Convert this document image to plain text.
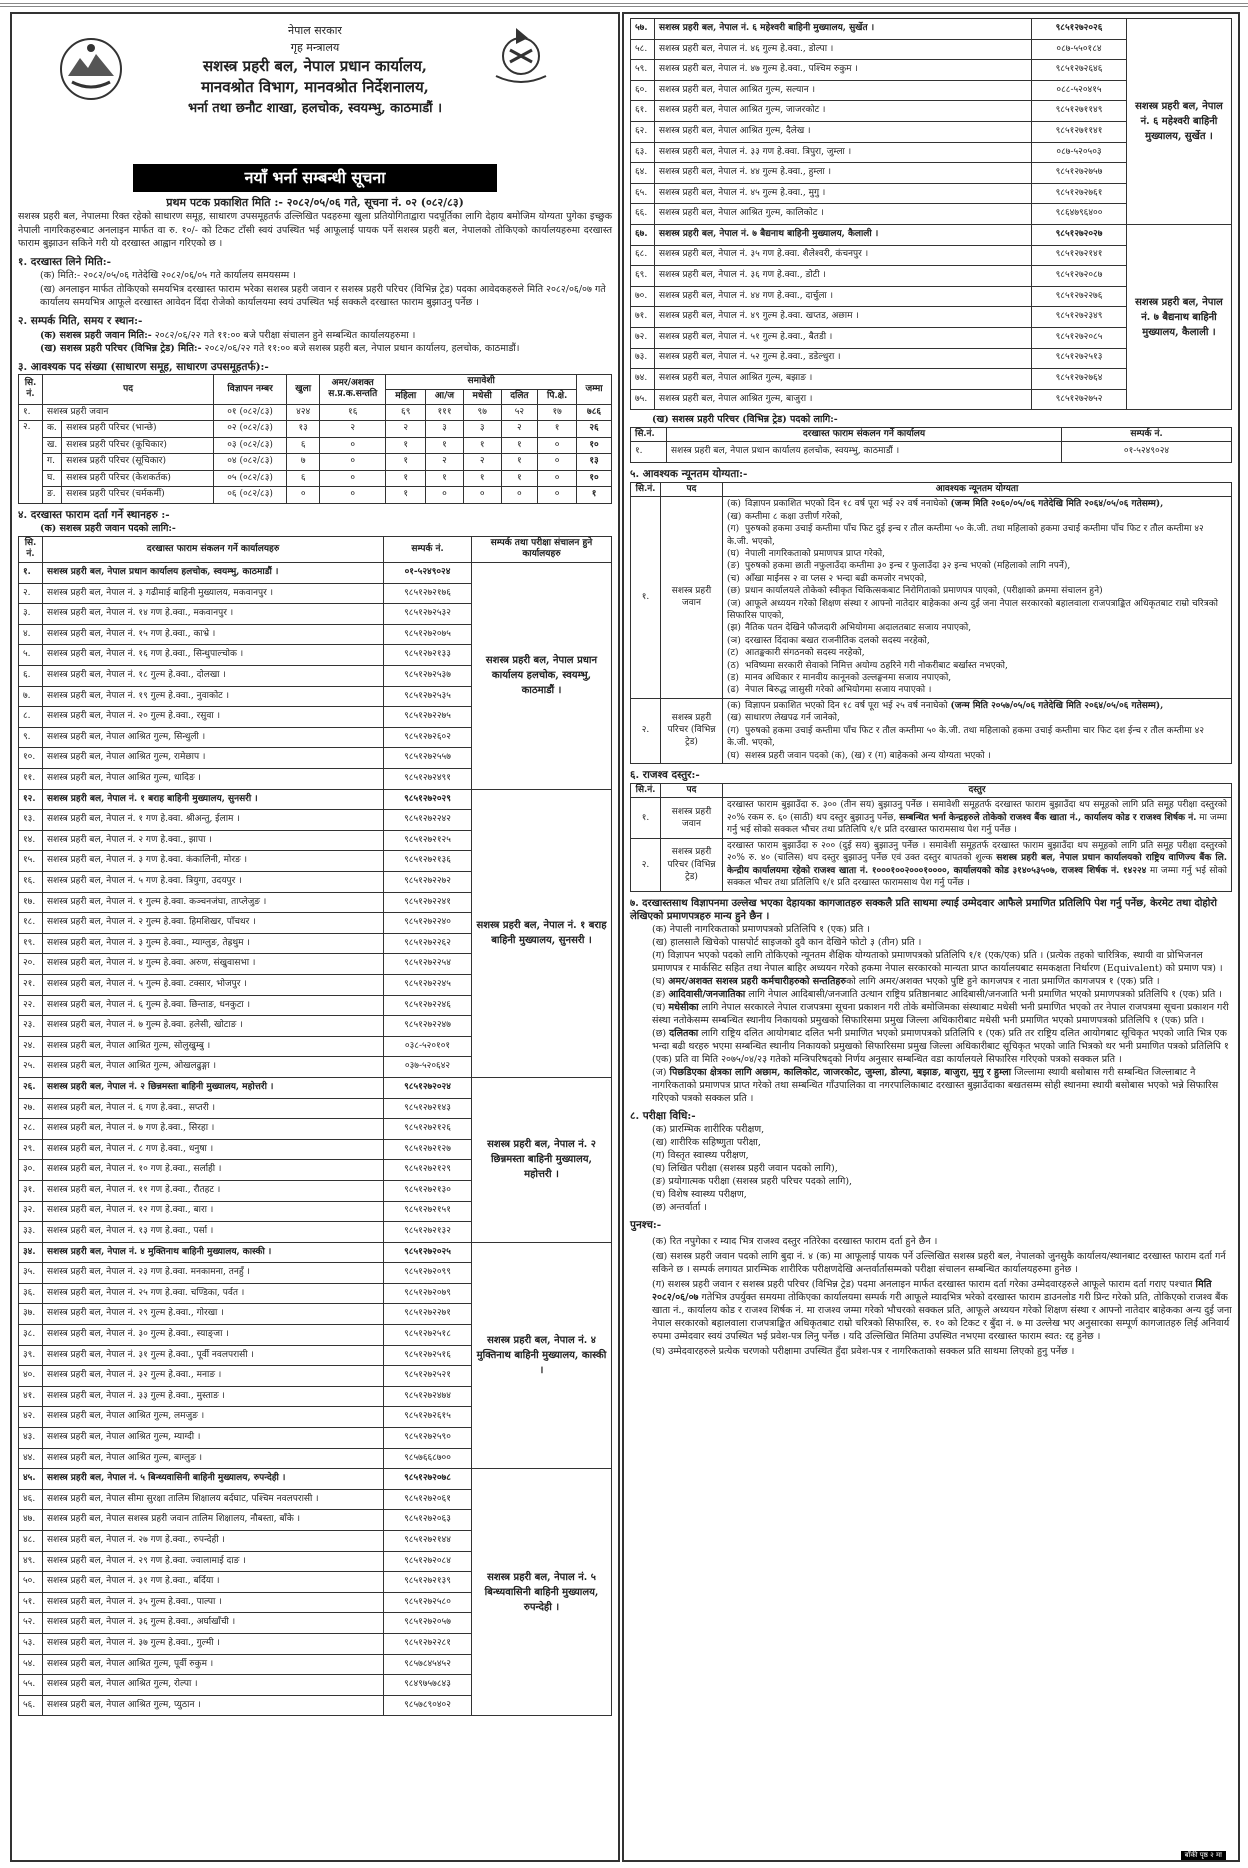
नेपाल सरकार
गृह मन्त्रालय
सशस्त्र प्रहरी बल, नेपाल प्रधान कार्यालय,
मानवश्रोत विभाग, मानवश्रोत निर्देशनालय,
भर्ना तथा छनौट शाखा, हलचोक, स्वयम्भु, काठमाडौं ।
नयाँ भर्ना सम्बन्धी सूचना
प्रथम पटक प्रकाशित मिति :- २०८२/०५/०६ गते, सूचना नं. ०२ (०८२/८३)
सशस्त्र प्रहरी बल, नेपालमा रिक्त रहेको साधारण समूह, साधारण उपसमूहतर्फ उल्लिखित पदहरुमा खुला प्रतियोगिताद्वारा पदपूर्तिका लागि देहाय बमोजिम योग्यता पुगेका इच्छुक नेपाली नागरिकहरुबाट अनलाइन मार्फत वा रु. १०/- को टिकट टाँसी स्वयं उपस्थित भई आफूलाई पायक पर्ने सशस्त्र प्रहरी बल, नेपालको तोकिएको कार्यालयहरुमा दरखास्त फाराम बुझाउन सकिने गरी यो दरखास्त आह्वान गरिएको छ ।
१. दरखास्त लिने मिति:-
(क) मिति:- २०८२/०५/०६ गतेदेखि २०८२/०६/०५ गते कार्यालय समयसम्म ।
(ख) अनलाइन मार्फत तोकिएको समयभित्र दरखास्त फाराम भरेका सशस्त्र प्रहरी जवान र सशस्त्र प्रहरी परिचर (विभिन्न ट्रेड) पदका आवेदकहरुले मिति २०८२/०६/०७ गते कार्यालय समयभित्र आफूले दरखास्त आवेदन दिंदा रोजेको कार्यालयमा स्वयं उपस्थित भई सक्कलै दरखास्त फाराम बुझाउनु पर्नेछ ।
२. सम्पर्क मिति, समय र स्थान:-
(क) सशस्त्र प्रहरी जवान मिति:- २०८२/०६/२२ गते ११:०० बजे परीक्षा संचालन हुने सम्बन्धित कार्यालयहरुमा ।
(ख) सशस्त्र प्रहरी परिचर (विभिन्न ट्रेड) मिति:- २०८२/०६/२२ गते ११:०० बजे सशस्त्र प्रहरी बल, नेपाल प्रधान कार्यालय, हलचोक, काठमाडौं।
३. आवश्यक पद संख्या (साधारण समूह, साधारण उपसमूहतर्फ):-
सि. नं.	पद		विज्ञापन नम्बर	खुला	अमर/अशक्त स.प्र.क.सन्तति	समावेशी					जम्मा
						महिला	आ/ज	मधेसी	दलित	पि.क्षे.	
१.	सशस्त्र प्रहरी जवान		०१ (०८२/८३)	४२४	१६	६९	१११	९७	५२	१७	७८६
२.	क.	सशस्त्र प्रहरी परिचर (भान्छे)	०२ (०८२/८३)	१३	२	२	३	३	२	१	२६
	ख.	सशस्त्र प्रहरी परिचर (कूचिकार)	०३ (०८२/८३)	६	०	१	१	१	१	०	१०
	ग.	सशस्त्र प्रहरी परिचर (सूचिकार)	०४ (०८२/८३)	७	०	१	२	२	१	०	१३
	घ.	सशस्त्र प्रहरी परिचर (केशकर्तक)	०५ (०८२/८३)	६	०	१	१	१	१	०	१०
	ङ.	सशस्त्र प्रहरी परिचर (चर्मकर्मी)	०६ (०८२/८३)	०	०	१	०	०	०	०	१
४. दरखास्त फाराम दर्ता गर्ने स्थानहरु :-
(क) सशस्त्र प्रहरी जवान पदको लागि:-
सि. नं.	दरखास्त फाराम संकलन गर्ने कार्यालयहरु	सम्पर्क नं.	सम्पर्क तथा परीक्षा संचालन हुने कार्यालयहरु
१.	सशस्त्र प्रहरी बल, नेपाल प्रधान कार्यालय हलचोक, स्वयम्भु, काठमाडौं ।	०१-५२४९०२४	सशस्त्र प्रहरी बल, नेपाल प्रधान कार्यालय हलचोक, स्वयम्भु, काठमाडौं ।
२.	सशस्त्र प्रहरी बल, नेपाल नं. ३ गढीमाई बाहिनी मुख्यालय, मकवानपुर ।	९८५१२७२१७६	
३.	सशस्त्र प्रहरी बल, नेपाल नं. १४ गण हे.क्वा., मकवानपुर ।	९८५१२७२५३२	
४.	सशस्त्र प्रहरी बल, नेपाल नं. १५ गण हे.क्वा., काभ्रे ।	९८५१२७२०७५	
५.	सशस्त्र प्रहरी बल, नेपाल नं. १६ गण हे.क्वा., सिन्धुपाल्चोक ।	९८५१२७२१३३	
६.	सशस्त्र प्रहरी बल, नेपाल नं. १८ गुल्म हे.क्वा., दोलखा ।	९८५१२७२५३७	
७.	सशस्त्र प्रहरी बल, नेपाल नं. १९ गुल्म हे.क्वा., नुवाकोट ।	९८५१२७२५३५	
८.	सशस्त्र प्रहरी बल, नेपाल नं. २० गुल्म हे.क्वा., रसुवा ।	९८५१२७२२७५	
९.	सशस्त्र प्रहरी बल, नेपाल आश्रित गुल्म, सिन्धुली ।	९८५१२७२६०२	
१०.	सशस्त्र प्रहरी बल, नेपाल आश्रित गुल्म, रामेछाप ।	९८५१२७२५५७	
११.	सशस्त्र प्रहरी बल, नेपाल आश्रित गुल्म, धादिङ ।	९८५१२७२४९१	
१२.	सशस्त्र प्रहरी बल, नेपाल नं. १ बराह बाहिनी मुख्यालय, सुनसरी ।	९८५१२७२०२९	सशस्त्र प्रहरी बल, नेपाल नं. १ बराह बाहिनी मुख्यालय, सुनसरी ।
१३.	सशस्त्र प्रहरी बल, नेपाल नं. १ गण हे.क्वा. श्रीअन्तु, ईलाम ।	९८५१२७२२४२	
१४.	सशस्त्र प्रहरी बल, नेपाल नं. २ गण हे.क्वा., झापा ।	९८५१२७२१२५	
१५.	सशस्त्र प्रहरी बल, नेपाल नं. ३ गण हे.क्वा. कंकालिनी, मोरङ ।	९८५१२७२१३६	
१६.	सशस्त्र प्रहरी बल, नेपाल नं. ५ गण हे.क्वा. त्रियुगा, उदयपुर ।	९८५१२७२२७२	
१७.	सशस्त्र प्रहरी बल, नेपाल नं. १ गुल्म हे.क्वा. कञ्चनजंघा, ताप्लेजुङ ।	९८५१२७२२४१	
१८.	सशस्त्र प्रहरी बल, नेपाल नं. २ गुल्म हे.क्वा. हिमशिखर, पाँचथर ।	९८५१२७२२४०	
१९.	सशस्त्र प्रहरी बल, नेपाल नं. ३ गुल्म हे.क्वा., म्याग्लुङ, तेह्रथुम ।	९८५१२७२२६२	
२०.	सशस्त्र प्रहरी बल, नेपाल नं. ४ गुल्म हे.क्वा. अरुण, संखुवासभा ।	९८५१२७२२५४	
२१.	सशस्त्र प्रहरी बल, नेपाल नं. ५ गुल्म हे.क्वा. टक्सार, भोजपुर ।	९८५१२७२२४५	
२२.	सशस्त्र प्रहरी बल, नेपाल नं. ६ गुल्म हे.क्वा. छिन्ताङ, धनकुटा ।	९८५१२७२२४६	
२३.	सशस्त्र प्रहरी बल, नेपाल नं. ७ गुल्म हे.क्वा. हलेसी, खोटाङ ।	९८५१२७२२४७	
२४.	सशस्त्र प्रहरी बल, नेपाल आश्रित गुल्म, सोलुखुम्बु ।	०३८-५२०१०१	
२५.	सशस्त्र प्रहरी बल, नेपाल आश्रित गुल्म, ओखलढुङ्गा ।	०३७-५२०६४२	
२६.	सशस्त्र प्रहरी बल, नेपाल नं. २ छिन्नमस्ता बाहिनी मुख्यालय, महोत्तरी ।	९८५१२७२०२४	सशस्त्र प्रहरी बल, नेपाल नं. २ छिन्नमस्ता बाहिनी मुख्यालय, महोत्तरी ।
२७.	सशस्त्र प्रहरी बल, नेपाल नं. ६ गण हे.क्वा., सप्तरी ।	९८५१२७२१४३	
२८.	सशस्त्र प्रहरी बल, नेपाल नं. ७ गण हे.क्वा., सिरहा ।	९८५१२७२१२६	
२९.	सशस्त्र प्रहरी बल, नेपाल नं. ८ गण हे.क्वा., धनुषा ।	९८५१२७२१२७	
३०.	सशस्त्र प्रहरी बल, नेपाल नं. १० गण हे.क्वा., सर्लाही ।	९८५१२७२१२९	
३१.	सशस्त्र प्रहरी बल, नेपाल नं. ११ गण हे.क्वा., रौतहट ।	९८५१२७२१३०	
३२.	सशस्त्र प्रहरी बल, नेपाल नं. १२ गण हे.क्वा., बारा ।	९८५१२७२१५१	
३३.	सशस्त्र प्रहरी बल, नेपाल नं. १३ गण हे.क्वा., पर्सा ।	९८५१२७२१३२	
३४.	सशस्त्र प्रहरी बल, नेपाल नं. ४ मुक्तिनाथ बाहिनी मुख्यालय, कास्की ।	९८५१२७२०२५	सशस्त्र प्रहरी बल, नेपाल नं. ४ मुक्तिनाथ बाहिनी मुख्यालय, कास्की ।
३५.	सशस्त्र प्रहरी बल, नेपाल नं. २३ गण हे.क्वा. मनकामना, तनहुँ ।	९८५१२७२०९९	
३६.	सशस्त्र प्रहरी बल, नेपाल नं. २५ गण हे.क्वा. चण्डिका, पर्वत ।	९८५१२७२०७९	
३७.	सशस्त्र प्रहरी बल, नेपाल नं. २९ गुल्म हे.क्वा., गोरखा ।	९८५१२७२२७१	
३८.	सशस्त्र प्रहरी बल, नेपाल नं. ३० गुल्म हे.क्वा., स्याङ्जा ।	९८५१२७२५१८	
३९.	सशस्त्र प्रहरी बल, नेपाल नं. ३१ गुल्म हे.क्वा., पूर्वी नवलपरासी ।	९८५१२७२५१६	
४०.	सशस्त्र प्रहरी बल, नेपाल नं. ३२ गुल्म हे.क्वा., मनाङ ।	९८५१२७२५२१	
४१.	सशस्त्र प्रहरी बल, नेपाल नं. ३३ गुल्म हे.क्वा., मुस्ताङ ।	९८५१२७२४७४	
४२.	सशस्त्र प्रहरी बल, नेपाल आश्रित गुल्म, लमजुङ ।	९८५१२७२६१५	
४३.	सशस्त्र प्रहरी बल, नेपाल आश्रित गुल्म, म्याग्दी ।	९८५१२७२५९०	
४४.	सशस्त्र प्रहरी बल, नेपाल आश्रित गुल्म, बाग्लुङ ।	९८५७६६८७००	
४५.	सशस्त्र प्रहरी बल, नेपाल नं. ५ बिन्ध्यवासिनी बाहिनी मुख्यालय, रुपन्देही ।	९८५१२७२०७८	सशस्त्र प्रहरी बल, नेपाल नं. ५ बिन्ध्यवासिनी बाहिनी मुख्यालय, रुपन्देही ।
४६.	सशस्त्र प्रहरी बल, नेपाल सीमा सुरक्षा तालिम शिक्षालय बर्दघाट, पश्चिम नवलपरासी ।	९८५१२७२०६१	
४७.	सशस्त्र प्रहरी बल, नेपाल सशस्त्र प्रहरी जवान तालिम शिक्षालय, नौबस्ता, बाँके ।	९८५१२७२०६३	
४८.	सशस्त्र प्रहरी बल, नेपाल नं. २७ गण हे.क्वा., रुपन्देही ।	९८५१२७२१४४	
४९.	सशस्त्र प्रहरी बल, नेपाल नं. २९ गण हे.क्वा. ज्वालामाई दाङ ।	९८५१२७२०८४	
५०.	सशस्त्र प्रहरी बल, नेपाल नं. ३१ गण हे.क्वा., बर्दिया ।	९८५१२७२१३९	
५१.	सशस्त्र प्रहरी बल, नेपाल नं. ३५ गुल्म हे.क्वा., पाल्पा ।	९८५१२७२५८०	
५२.	सशस्त्र प्रहरी बल, नेपाल नं. ३६ गुल्म हे.क्वा., अर्घाखाँची ।	९८५१२७२०५७	
५३.	सशस्त्र प्रहरी बल, नेपाल नं. ३७ गुल्म हे.क्वा., गुल्मी ।	९८५१२७२२८१	
५४.	सशस्त्र प्रहरी बल, नेपाल आश्रित गुल्म, पूर्वी रुकुम ।	९८५७८४५४५२	
५५.	सशस्त्र प्रहरी बल, नेपाल आश्रित गुल्म, रोल्पा ।	९८४९७५७८४३	
५६.	सशस्त्र प्रहरी बल, नेपाल आश्रित गुल्म, प्युठान ।	९८५७८९०४०२	
५७.	सशस्त्र प्रहरी बल, नेपाल नं. ६ महेश्वरी बाहिनी मुख्यालय, सुर्खेत ।	९८५१२७२०२६	सशस्त्र प्रहरी बल, नेपाल नं. ६ महेश्वरी बाहिनी मुख्यालय, सुर्खेत ।
५८.	सशस्त्र प्रहरी बल, नेपाल नं. ४६ गुल्म हे.क्वा., डोल्पा ।	०८७-५५०१८४	
५९.	सशस्त्र प्रहरी बल, नेपाल नं. ४७ गुल्म हे.क्वा., पश्चिम रुकुम ।	९८५१२७२६४६	
६०.	सशस्त्र प्रहरी बल, नेपाल आश्रित गुल्म, सल्यान ।	०८८-५२०४१५	
६१.	सशस्त्र प्रहरी बल, नेपाल आश्रित गुल्म, जाजरकोट ।	९८५१२७११४९	
६२.	सशस्त्र प्रहरी बल, नेपाल आश्रित गुल्म, दैलेख ।	९८५१२७११४१	
६३.	सशस्त्र प्रहरी बल, नेपाल नं. ३३ गण हे.क्वा. त्रिपुरा, जुम्ला ।	०८७-५२०५०३	
६४.	सशस्त्र प्रहरी बल, नेपाल नं. ४४ गुल्म हे.क्वा., हुम्ला ।	९८५१२७२७५७	
६५.	सशस्त्र प्रहरी बल, नेपाल नं. ४५ गुल्म हे.क्वा., मुगु ।	९८५१२७२७६१	
६६.	सशस्त्र प्रहरी बल, नेपाल आश्रित गुल्म, कालिकोट ।	९८६४७९६४००	
६७.	सशस्त्र प्रहरी बल, नेपाल नं. ७ बैद्यनाथ बाहिनी मुख्यालय, कैलाली ।	९८५१२७२०२७	सशस्त्र प्रहरी बल, नेपाल नं. ७ बैद्यनाथ बाहिनी मुख्यालय, कैलाली ।
६८.	सशस्त्र प्रहरी बल, नेपाल नं. ३५ गण हे.क्वा. शैलेश्वरी, कंचनपुर ।	९८५१२७२१४१	
६९.	सशस्त्र प्रहरी बल, नेपाल नं. ३६ गण हे.क्वा., डोटी ।	९८५१२७२०८७	
७०.	सशस्त्र प्रहरी बल, नेपाल नं. ४४ गण हे.क्वा., दार्चुला ।	९८५१२७२२७६	
७१.	सशस्त्र प्रहरी बल, नेपाल नं. ४९ गुल्म हे.क्वा. खप्तड, अछाम ।	९८५१२७२३४९	
७२.	सशस्त्र प्रहरी बल, नेपाल नं. ५१ गुल्म हे.क्वा., बैतडी ।	९८५१२७२०८५	
७३.	सशस्त्र प्रहरी बल, नेपाल नं. ५२ गुल्म हे.क्वा., डडेल्धुरा ।	९८५१२७२५१३	
७४.	सशस्त्र प्रहरी बल, नेपाल आश्रित गुल्म, बझाङ ।	९८५१२७२७६४	
७५.	सशस्त्र प्रहरी बल, नेपाल आश्रित गुल्म, बाजुरा ।	९८५१२७२७५२	
(ख) सशस्त्र प्रहरी परिचर (विभिन्न ट्रेड) पदको लागि:-
सि.नं.	दरखास्त फाराम संकलन गर्ने कार्यालय	सम्पर्क नं.
१.	सशस्त्र प्रहरी बल, नेपाल प्रधान कार्यालय हलचोक, स्वयम्भु, काठमाडौं ।	०१-५२४९०२४
५. आवश्यक न्यूनतम योग्यता:-
सि.नं.	पद	आवश्यक न्यूनतम योग्यता
१.	सशस्त्र प्रहरी जवान	
(क) विज्ञापन प्रकाशित भएको दिन १८ वर्ष पूरा भई २२ वर्ष ननाघेको (जन्म मिति २०६०/०५/०६ गतेदेखि मिति २०६४/०५/०६ गतेसम्म),
(ख) कम्तीमा ८ कक्षा उत्तीर्ण गरेको,
(ग) पुरुषको हकमा उचाई कम्तीमा पाँच फिट दुई इन्च र तौल कम्तीमा ५० के.जी. तथा महिलाको हकमा उचाई कम्तीमा पाँच फिट र तौल कम्तीमा ४२ के.जी. भएको,
(घ) नेपाली नागरिकताको प्रमाणपत्र प्राप्त गरेको,
(ङ) पुरुषको हकमा छाती नफुलाउँदा कम्तीमा ३० इन्च र फुलाउँदा ३२ इन्च भएको (महिलाको लागि नपर्ने),
(च) आँखा माईनस २ वा प्लस २ भन्दा बढी कमजोर नभएको,
(छ) प्रधान कार्यालयले तोकेको स्वीकृत चिकित्सकबाट निरोगिताको प्रमाणपत्र पाएको, (परीक्षाको क्रममा संचालन हुने)
(ज) आफूले अध्ययन गरेको शिक्षण संस्था र आफ्नो नातेदार बाहेकका अन्य दुई जना नेपाल सरकारको बहालवाला राजपत्राङ्कित अधिकृतबाट राम्रो चरित्रको सिफारिस पाएको,
(झ) नैतिक पतन देखिने फौजदारी अभियोगमा अदालतबाट सजाय नपाएको,
(ञ) दरखास्त दिंदाका बखत राजनीतिक दलको सदस्य नरहेको,
(ट) आतङ्ककारी संगठनको सदस्य नरहेको,
(ठ) भविष्यमा सरकारी सेवाको निमित्त अयोग्य ठहरिने गरी नोकरीबाट बर्खास्त नभएको,
(ड) मानव अधिकार र मानवीय कानूनको उल्लङ्घनमा सजाय नपाएको,
(ढ) नेपाल बिरुद्ध जासुसी गरेको अभियोगमा सजाय नपाएको ।

२.	सशस्त्र प्रहरी परिचर (विभिन्न ट्रेड)	(क) विज्ञापन प्रकाशित भएको दिन १८ वर्ष पूरा भई २५ वर्ष ननाघेको (जन्म मिति २०५७/०५/०६ गतेदेखि मिति २०६४/०५/०६ गतेसम्म),
(ख) साधारण लेखपढ गर्न जानेको,
(ग) पुरुषको हकमा उचाई कम्तीमा पाँच फिट र तौल कम्तीमा ५० के.जी. तथा महिलाको हकमा उचाई कम्तीमा चार फिट दश ईन्च र तौल कम्तीमा ४२ के.जी. भएको,
(घ) सशस्त्र प्रहरी जवान पदको (क), (ख) र (ग) बाहेकको अन्य योग्यता भएको ।
६. राजश्व दस्तुर:-
सि.नं.	पद	दस्तुर
१.	सशस्त्र प्रहरी जवान	दरखास्त फाराम बुझाउँदा रु. ३०० (तीन सय) बुझाउनु पर्नेछ । समावेशी समूहतर्फ दरखास्त फाराम बुझाउँदा थप समूहको लागि प्रति समूह परीक्षा दस्तुरको २०% रकम रु. ६० (साठी) थप दस्तुर बुझाउनु पर्नेछ, सम्बन्धित भर्ना केन्द्रहरुले तोकेको राजश्व बैंक खाता नं., कार्यालय कोड र राजश्व शिर्षक नं. मा जम्मा गर्नु भई सोको सक्कल भौचर तथा प्रतिलिपि १/१ प्रति दरखास्त फारामसाथ पेश गर्नु पर्नेछ ।
२.	सशस्त्र प्रहरी परिचर (विभिन्न ट्रेड)	दरखास्त फाराम बुझाउँदा रु २०० (दुई सय) बुझाउनु पर्नेछ । समावेशी समूहतर्फ दरखास्त फाराम बुझाउँदा थप समूहको लागि प्रति समूह परीक्षा दस्तुरको २०% रु. ४० (चालिस) थप दस्तुर बुझाउनु पर्नेछ एवं उक्त दस्तुर बापतको शुल्क सशस्त्र प्रहरी बल, नेपाल प्रधान कार्यालयको राष्ट्रिय वाणिज्य बैंक लि. केन्द्रीय कार्यालयमा रहेको राजश्व खाता नं. १०००१००२०००१००००, कार्यालयको कोड ३१४०५३५०७, राजश्व शिर्षक नं. १४२२४ मा जम्मा गर्नु भई सोको सक्कल भौचर तथा प्रतिलिपि १/१ प्रति दरखास्त फारामसाथ पेश गर्नु पर्नेछ ।
७. दरखास्तसाथ विज्ञापनमा उल्लेख भएका देहायका कागजातहरु सक्कलै प्रति साथमा ल्याई उम्मेदवार आफैले प्रमाणित प्रतिलिपि पेश गर्नु पर्नेछ, केरमेट तथा दोहोरो लेखिएको प्रमाणपत्रहरु मान्य हुने छैन ।
(क) नेपाली नागरिकताको प्रमाणपत्रको प्रतिलिपि १ (एक) प्रति ।
(ख) हालसालै खिचेको पासपोर्ट साइजको दुवै कान देखिने फोटो ३ (तीन) प्रति ।
(ग) विज्ञापन भएको पदको लागि तोकिएको न्यूनतम शैक्षिक योग्यताको प्रमाणपत्रको प्रतिलिपि १/१ (एक/एक) प्रति । (प्रत्येक तहको चारित्रिक, स्थायी वा प्रोभिजनल प्रमाणपत्र र मार्कसिट सहित तथा नेपाल बाहिर अध्ययन गरेको हकमा नेपाल सरकारको मान्यता प्राप्त कार्यालयबाट समकक्षता निर्धारण (Equivalent) को प्रमाण पत्र) ।
(घ) अमर/अशक्त सशस्त्र प्रहरी कर्मचारीहरुको सन्ततिहरुको लागि अमर/अशक्त भएको पुष्टि हुने कागजपत्र र नाता प्रमाणित कागजपत्र १ (एक) प्रति ।
(ङ) आदिवासी/जनजातिका लागि नेपाल आदिबासी/जनजाति उत्थान राष्ट्रिय प्रतिष्ठानबाट आदिबासी/जनजाति भनी प्रमाणित भएको प्रमाणपत्रको प्रतिलिपि १ (एक) प्रति ।
(च) मधेसीका लागि नेपाल सरकारले नेपाल राजपत्रमा सूचना प्रकाशन गरी तोके बमोजिमका संस्थाबाट मधेसी भनी प्रमाणित भएको तर नेपाल राजपत्रमा सूचना प्रकाशन गरी संस्था नतोकेसम्म सम्बन्धित स्थानीय निकायको प्रमुखको सिफारिसमा प्रमुख जिल्ला अधिकारीबाट मधेसी भनी प्रमाणित भएको प्रमाणपत्रको प्रतिलिपि १ (एक) प्रति ।
(छ) दलितका लागि राष्ट्रिय दलित आयोगबाट दलित भनी प्रमाणित भएको प्रमाणपत्रको प्रतिलिपि १ (एक) प्रति तर राष्ट्रिय दलित आयोगबाट सूचिकृत भएको जाति भित्र एक भन्दा बढी थरहरु भएमा सम्बन्धित स्थानीय निकायको प्रमुखको सिफारिसमा प्रमुख जिल्ला अधिकारीबाट सूचिकृत भएको जाति भित्रको थर भनी प्रमाणित पत्रको प्रतिलिपि १ (एक) प्रति वा मिति २०७५/०४/२३ गतेको मन्त्रिपरिषद्को निर्णय अनुसार सम्बन्धित वडा कार्यालयले सिफारिस गरिएको पत्रको सक्कल प्रति ।
(ज) पिछडिएका क्षेत्रका लागि अछाम, कालिकोट, जाजरकोट, जुम्ला, डोल्पा, बझाङ, बाजुरा, मुगु र हुम्ला जिल्लामा स्थायी बसोबास गरी सम्बन्धित जिल्लाबाट नै नागरिकताको प्रमाणपत्र प्राप्त गरेको तथा सम्बन्धित गाँउपालिका वा नगरपालिकाबाट दरखास्त बुझाउँदाका बखतसम्म सोही स्थानमा स्थायी बसोबास भएको भन्ने सिफारिस गरिएको पत्रको सक्कल प्रति ।
८. परीक्षा विधि:-
(क) प्रारम्भिक शारीरिक परीक्षण,
(ख) शारीरिक सहिष्णुता परीक्षा,
(ग) विस्तृत स्वास्थ्य परीक्षण,
(घ) लिखित परीक्षा (सशस्त्र प्रहरी जवान पदको लागि),
(ङ) प्रयोगात्मक परीक्षा (सशस्त्र प्रहरी परिचर पदको लागि),
(च) विशेष स्वास्थ्य परीक्षण,
(छ) अन्तर्वार्ता ।
पुनश्च:-
(क) रित नपुगेका र म्याद भित्र राजश्व दस्तुर नतिरेका दरखास्त फाराम दर्ता हुने छैन ।
(ख) सशस्त्र प्रहरी जवान पदको लागि बुदा नं. ४ (क) मा आफूलाई पायक पर्ने उल्लिखित सशस्त्र प्रहरी बल, नेपालको जुनसुकै कार्यालय/स्थानबाट दरखास्त फाराम दर्ता गर्न सकिने छ । सम्पर्क लगायत प्रारम्भिक शारीरिक परीक्षणदेखि अन्तर्वार्तासम्मको परीक्षा संचालन सम्बन्धित कार्यालयहरुमा हुनेछ ।
(ग) सशस्त्र प्रहरी जवान र सशस्त्र प्रहरी परिचर (विभिन्न ट्रेड) पदमा अनलाइन मार्फत दरखास्त फाराम दर्ता गरेका उम्मेदवारहरुले आफूले फाराम दर्ता गराए पश्चात मिति २०८२/०६/०७ गतेभित्र उपर्युक्त समयमा तोकिएका कार्यालयमा सम्पर्क गरी आफूले म्यादभित्र भरेको दरखास्त फाराम डाउनलोड गरी प्रिन्ट गरेको प्रति, तोकिएको राजश्व बैंक खाता नं., कार्यालय कोड र राजश्व शिर्षक नं. मा राजश्व जम्मा गरेको भौचरको सक्कल प्रति, आफूले अध्ययन गरेको शिक्षण संस्था र आफ्नो नातेदार बाहेकका अन्य दुई जना नेपाल सरकारको बहालवाला राजपत्राङ्कित अधिकृतबाट राम्रो चरित्रको सिफारिस, रु. १० को टिकट र बुँदा नं. ७ मा उल्लेख भए अनुसारका सम्पूर्ण कागजातहरु लिई अनिवार्य रुपमा उम्मेदवार स्वयं उपस्थित भई प्रवेश-पत्र लिनु पर्नेछ । यदि उल्लिखित मितिमा उपस्थित नभएमा दरखास्त फाराम स्वत: रद्द हुनेछ ।
(घ) उम्मेदवारहरुले प्रत्येक चरणको परीक्षामा उपस्थित हुँदा प्रवेश-पत्र र नागरिकताको सक्कल प्रति साथमा लिएको हुनु पर्नेछ ।
बाँकी पृष्ठ २ मा
